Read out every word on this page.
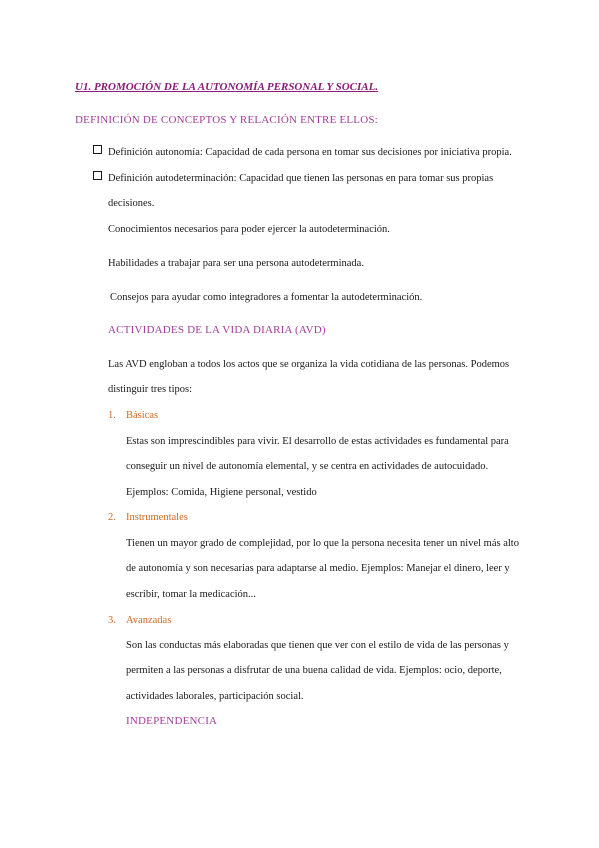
U1. PROMOCIÓN DE LA AUTONOMÍA PERSONAL Y SOCIAL.
DEFINICIÓN DE CONCEPTOS Y RELACIÓN ENTRE ELLOS:
Definición autonomía: Capacidad de cada persona en tomar sus decisiones por iniciativa propia.
Definición autodeterminación: Capacidad que tienen las personas en para tomar sus propias
decisiones.
Conocimientos necesarios para poder ejercer la autodeterminación.
Habilidades a trabajar para ser una persona autodeterminada.
Consejos para ayudar como integradores a fomentar la autodeterminación.
ACTIVIDADES DE LA VIDA DIARIA (AVD)
Las AVD engloban a todos los actos que se organiza la vida cotidiana de las personas. Podemos
distinguir tres tipos:
1. Básicas
Estas son imprescindibles para vivir. El desarrollo de estas actividades es fundamental para
conseguir un nivel de autonomía elemental, y se centra en actividades de autocuidado.
Ejemplos: Comida, Higiene personal, vestido
2. Instrumentales
Tienen un mayor grado de complejidad, por lo que la persona necesita tener un nivel más alto
de autonomía y son necesarias para adaptarse al medio. Ejemplos: Manejar el dinero, leer y
escribir, tomar la medicación...
3. Avanzadas
Son las conductas más elaboradas que tienen que ver con el estilo de vida de las personas y
permiten a las personas a disfrutar de una buena calidad de vida. Ejemplos: ocio, deporte,
actividades laborales, participación social.
INDEPENDENCIA
